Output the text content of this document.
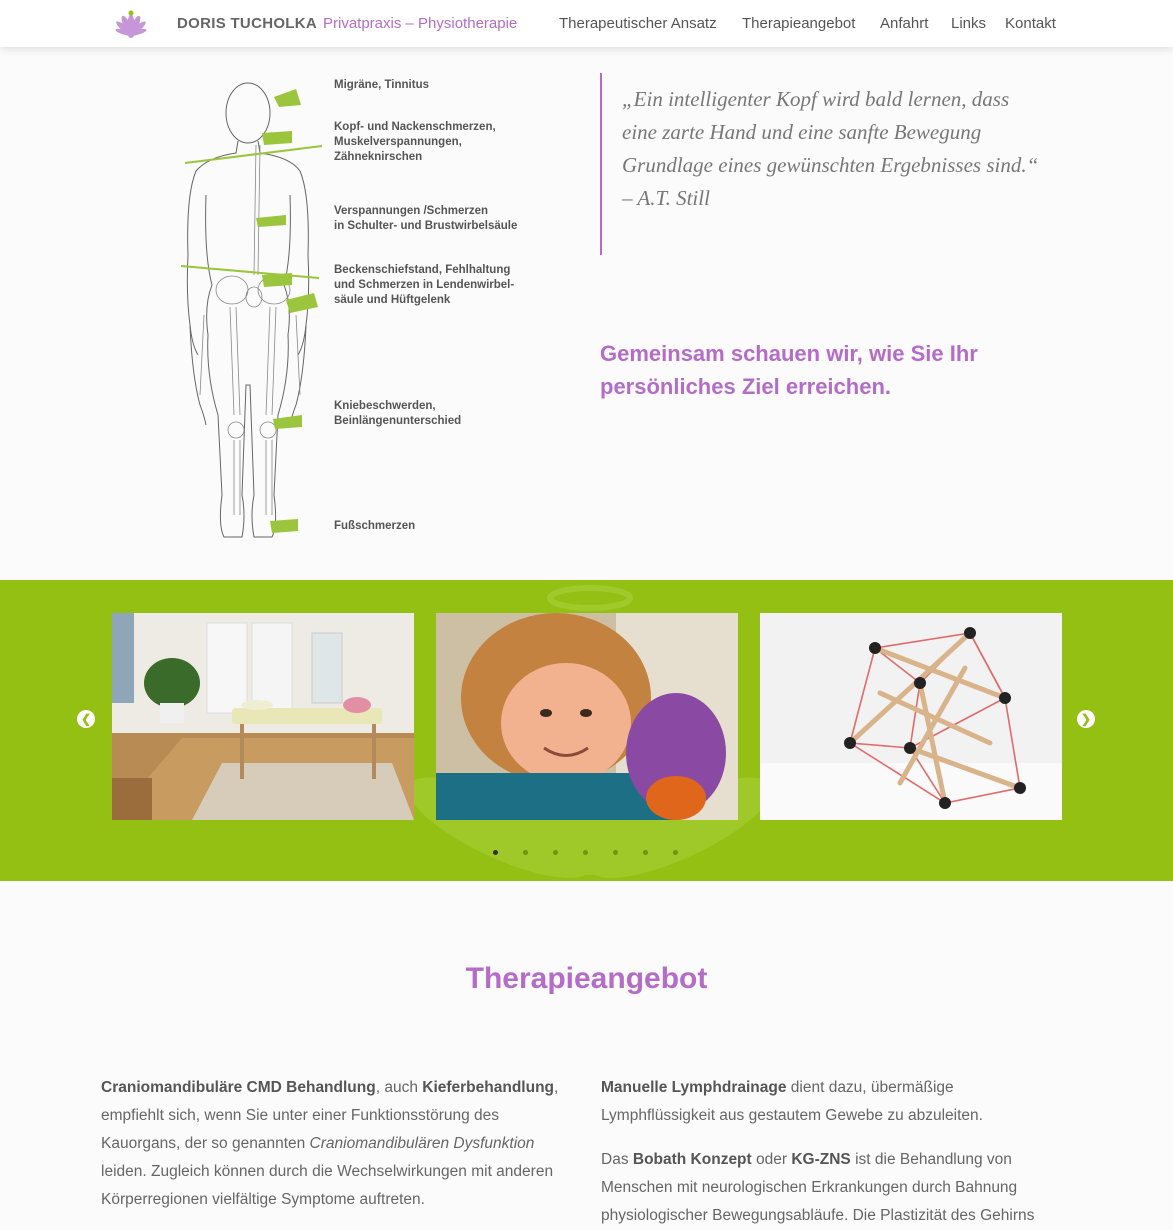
DORIS TUCHOLKA Privatpraxis – Physiotherapie	Therapeutischer Ansatz Therapieangebot Anfahrt Links Kontakt
Migräne, Tinnitus
Kopf- und Nackenschmerzen,
Muskelverspannungen,
Zähneknirschen
Verspannungen /Schmerzen
in Schulter- und Brustwirbelsäule
Beckenschiefstand, Fehlhaltung
und Schmerzen in Lendenwirbel-
säule und Hüftgelenk
Kniebeschwerden,
Beinlängenunterschied
Fußschmerzen
„Ein intelligenter Kopf wird bald lernen, dass eine zarte Hand und eine sanfte Bewegung Grundlage eines gewünschten Ergebnisses sind.“
– A.T. Still
Gemeinsam schauen wir, wie Sie Ihr persönliches Ziel erreichen.
❮	❯
Therapieangebot

Craniomandibuläre CMD Behandlung, auch Kieferbehandlung, empfiehlt sich, wenn Sie unter einer Funktionsstörung des Kauorgans, der so genannten Craniomandibulären Dysfunktion leiden. Zugleich können durch die Wechselwirkungen mit anderen Körperregionen vielfältige Symptome auftreten.

Manuelle Lymphdrainage dient dazu, übermäßige Lymphflüssigkeit aus gestautem Gewebe zu abzuleiten.

Das Bobath Konzept oder KG-ZNS ist die Behandlung von Menschen mit neurologischen Erkrankungen durch Bahnung physiologischer Bewegungsabläufe. Die Plastizität des Gehirns
